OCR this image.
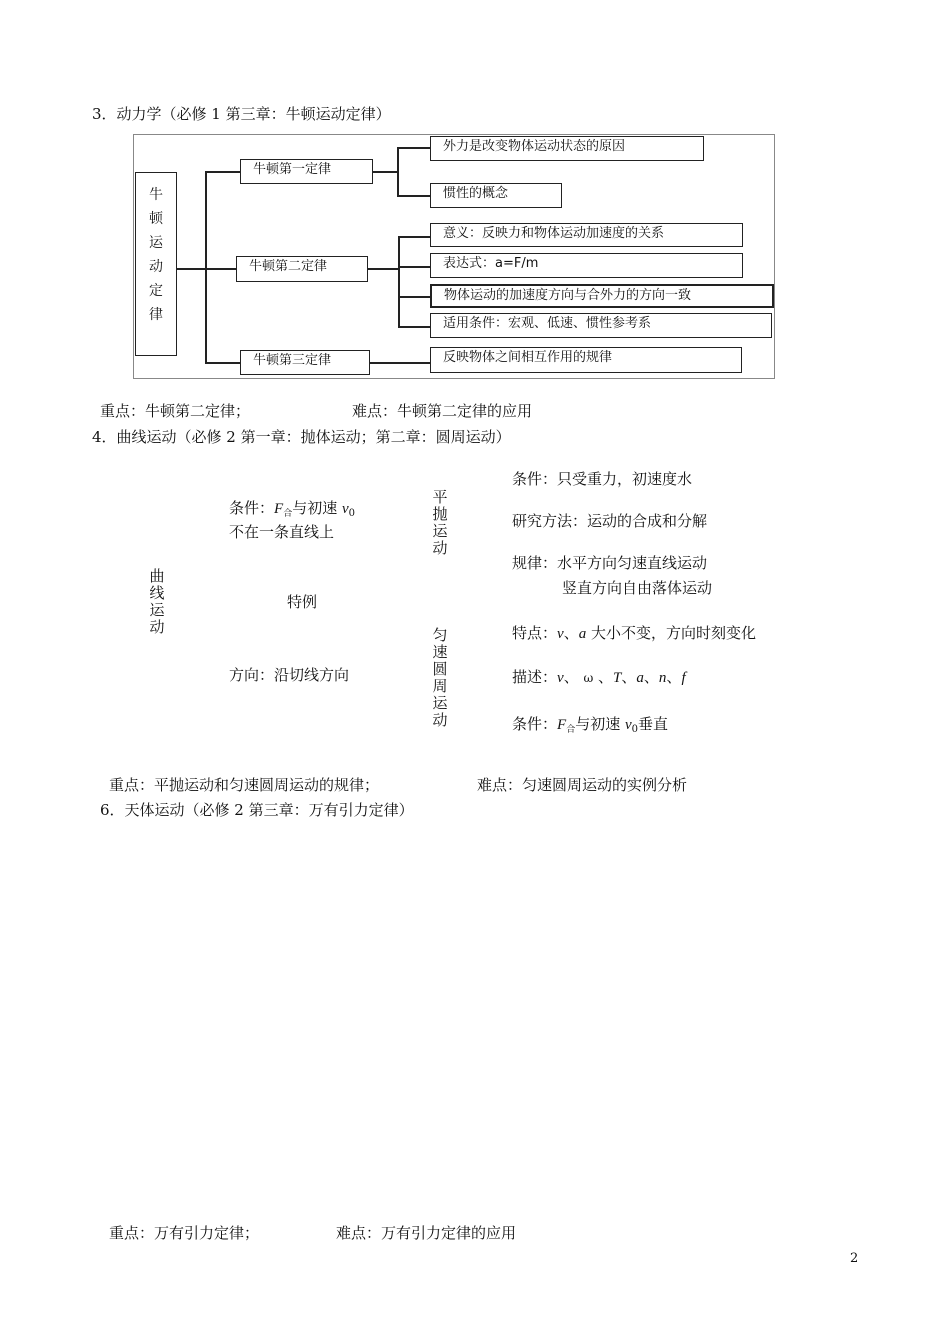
3．动力学（必修 1 第三章：牛顿运动定律）
牛顿运动定律
牛顿第一定律
外力是改变物体运动状态的原因
惯性的概念
牛顿第二定律
意义：反映力和物体运动加速度的关系
表达式：a=F/m
物体运动的加速度方向与合外力的方向一致
适用条件：宏观、低速、惯性参考系
牛顿第三定律	反映物体之间相互作用的规律
重点：牛顿第二定律；	难点：牛顿第二定律的应用
4．曲线运动（必修 2 第一章：抛体运动；第二章：圆周运动）
曲线运动
条件：$F_合$与初速 $v_0$
不在一条直线上
特例
方向：沿切线方向
平抛运动
条件：只受重力，初速度水
研究方法：运动的合成和分解
规律：水平方向匀速直线运动
竖直方向自由落体运动
匀速圆周运动
特点：v、a 大小不变，方向时刻变化
描述：v、 ω 、T、a、n、f
条件：$F_合$与初速 $v_0$垂直
重点：平抛运动和匀速圆周运动的规律；	难点：匀速圆周运动的实例分析
6．天体运动（必修 2 第三章：万有引力定律）
重点：万有引力定律；	难点：万有引力定律的应用
2
